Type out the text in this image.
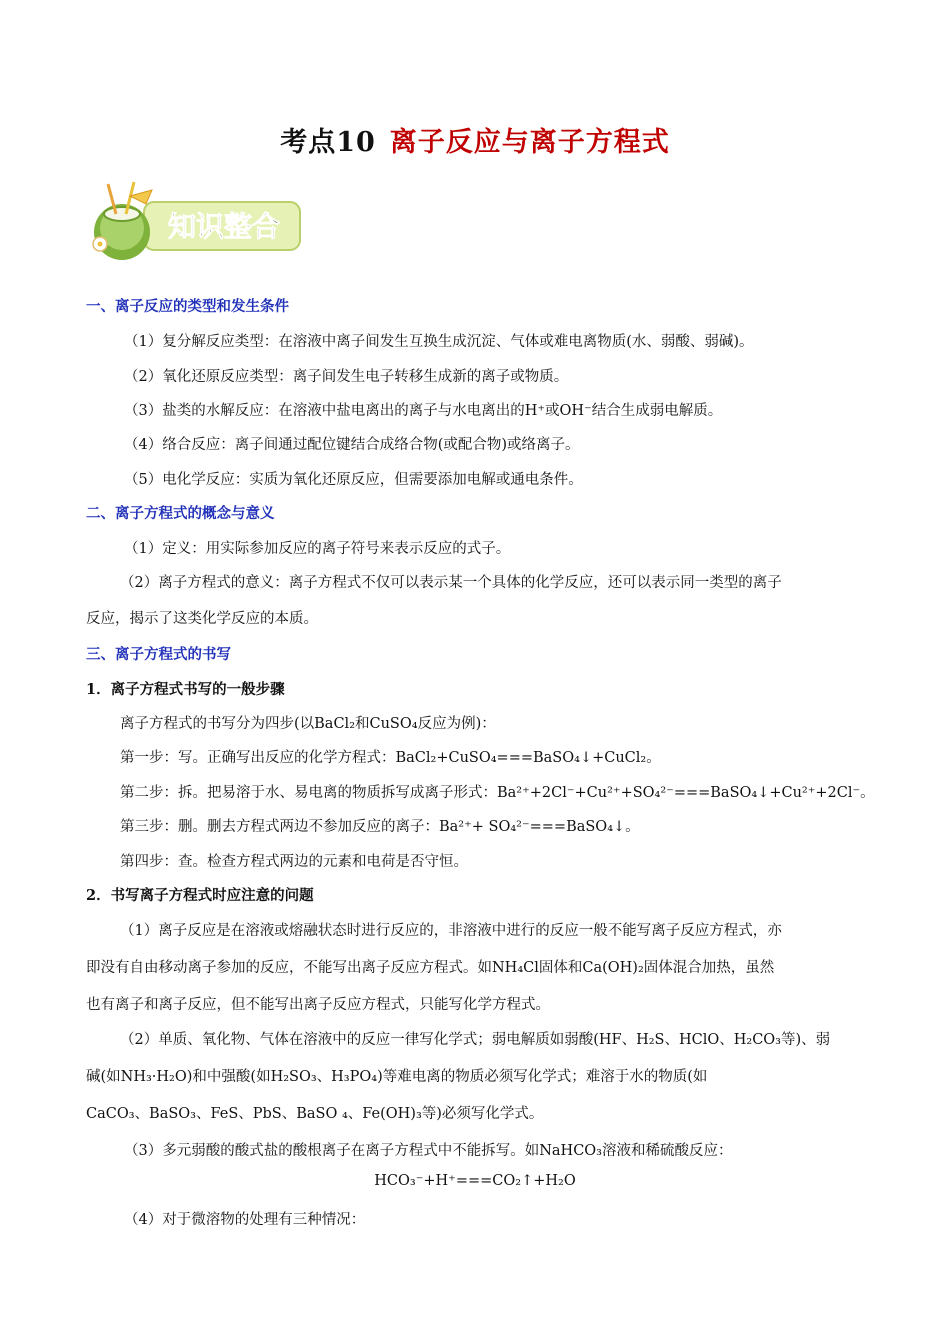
考点10 离子反应与离子方程式
知识整合
一、离子反应的类型和发生条件
（1）复分解反应类型：在溶液中离子间发生互换生成沉淀、气体或难电离物质(水、弱酸、弱碱)。
（2）氧化还原反应类型：离子间发生电子转移生成新的离子或物质。
（3）盐类的水解反应：在溶液中盐电离出的离子与水电离出的H⁺或OH⁻结合生成弱电解质。
（4）络合反应：离子间通过配位键结合成络合物(或配合物)或络离子。
（5）电化学反应：实质为氧化还原反应，但需要添加电解或通电条件。
二、离子方程式的概念与意义
（1）定义：用实际参加反应的离子符号来表示反应的式子。
（2）离子方程式的意义：离子方程式不仅可以表示某一个具体的化学反应，还可以表示同一类型的离子
反应，揭示了这类化学反应的本质。
三、离子方程式的书写
1．离子方程式书写的一般步骤
离子方程式的书写分为四步(以BaCl₂和CuSO₄反应为例)：
第一步：写。正确写出反应的化学方程式：BaCl₂+CuSO₄===BaSO₄↓+CuCl₂。
第二步：拆。把易溶于水、易电离的物质拆写成离子形式：Ba²⁺+2Cl⁻+Cu²⁺+SO₄²⁻===BaSO₄↓+Cu²⁺+2Cl⁻。
第三步：删。删去方程式两边不参加反应的离子：Ba²⁺+ SO₄²⁻===BaSO₄↓。
第四步：查。检查方程式两边的元素和电荷是否守恒。
2．书写离子方程式时应注意的问题
（1）离子反应是在溶液或熔融状态时进行反应的，非溶液中进行的反应一般不能写离子反应方程式，亦
即没有自由移动离子参加的反应，不能写出离子反应方程式。如NH₄Cl固体和Ca(OH)₂固体混合加热，虽然
也有离子和离子反应，但不能写出离子反应方程式，只能写化学方程式。
（2）单质、氧化物、气体在溶液中的反应一律写化学式；弱电解质如弱酸(HF、H₂S、HClO、H₂CO₃等)、弱
碱(如NH₃·H₂O)和中强酸(如H₂SO₃、H₃PO₄)等难电离的物质必须写化学式；难溶于水的物质(如
CaCO₃、BaSO₃、FeS、PbS、BaSO ₄、Fe(OH)₃等)必须写化学式。
（3）多元弱酸的酸式盐的酸根离子在离子方程式中不能拆写。如NaHCO₃溶液和稀硫酸反应：
HCO₃⁻+H⁺===CO₂↑+H₂O
（4）对于微溶物的处理有三种情况：
